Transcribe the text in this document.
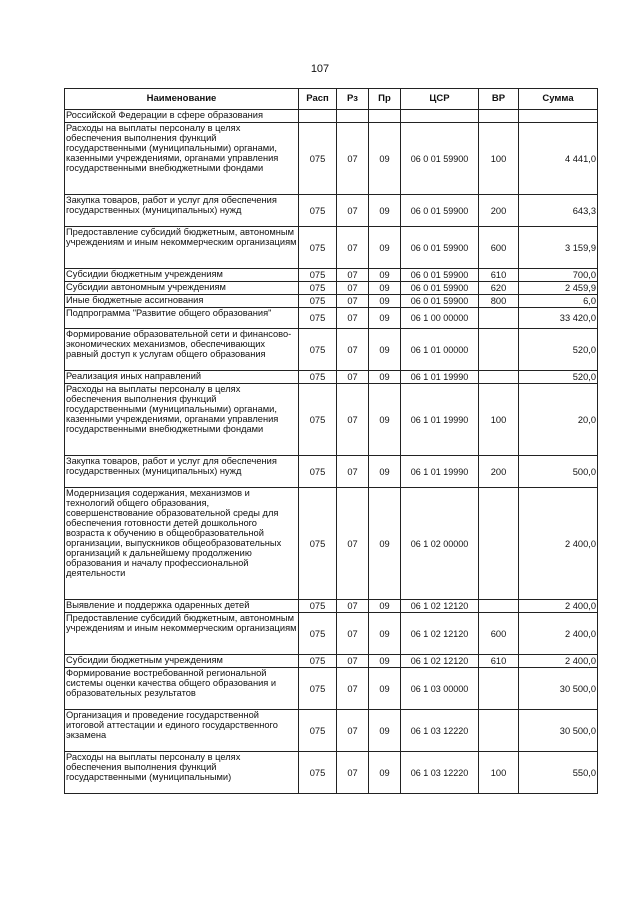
107
Наименование	Расп	Рз	Пр	ЦСР	ВР	Сумма
Российской Федерации в сфере образования						
Расходы на выплаты персоналу в целях обеспечения выполнения функций государственными (муниципальными) органами, казенными учреждениями, органами управления государственными внебюджетными фондами	075	07	09	06 0 01 59900	100	4 441,0
Закупка товаров, работ и услуг для обеспечения государственных (муниципальных) нужд	075	07	09	06 0 01 59900	200	643,3
Предоставление субсидий бюджетным, автономным учреждениям и иным некоммерческим организациям	075	07	09	06 0 01 59900	600	3 159,9
Субсидии бюджетным учреждениям	075	07	09	06 0 01 59900	610	700,0
Субсидии автономным учреждениям	075	07	09	06 0 01 59900	620	2 459,9
Иные бюджетные ассигнования	075	07	09	06 0 01 59900	800	6,0
Подпрограмма "Развитие общего образования"	075	07	09	06 1 00 00000		33 420,0
Формирование образовательной сети и финансово-экономических механизмов, обеспечивающих равный доступ к услугам общего образования	075	07	09	06 1 01 00000		520,0
Реализация иных направлений	075	07	09	06 1 01 19990		520,0
Расходы на выплаты персоналу в целях обеспечения выполнения функций государственными (муниципальными) органами, казенными учреждениями, органами управления государственными внебюджетными фондами	075	07	09	06 1 01 19990	100	20,0
Закупка товаров, работ и услуг для обеспечения государственных (муниципальных) нужд	075	07	09	06 1 01 19990	200	500,0
Модернизация содержания, механизмов и технологий общего образования, совершенствование образовательной среды для обеспечения готовности детей дошкольного возраста к обучению в общеобразовательной организации, выпускников общеобразовательных организаций к дальнейшему продолжению образования и началу профессиональной деятельности	075	07	09	06 1 02 00000		2 400,0
Выявление и поддержка одаренных детей	075	07	09	06 1 02 12120		2 400,0
Предоставление субсидий бюджетным, автономным учреждениям и иным некоммерческим организациям	075	07	09	06 1 02 12120	600	2 400,0
Субсидии бюджетным учреждениям	075	07	09	06 1 02 12120	610	2 400,0
Формирование востребованной региональной системы оценки качества общего образования и образовательных результатов	075	07	09	06 1 03 00000		30 500,0
Организация и проведение государственной итоговой аттестации и единого государственного экзамена	075	07	09	06 1 03 12220		30 500,0
Расходы на выплаты персоналу в целях обеспечения выполнения функций государственными (муниципальными)	075	07	09	06 1 03 12220	100	550,0
